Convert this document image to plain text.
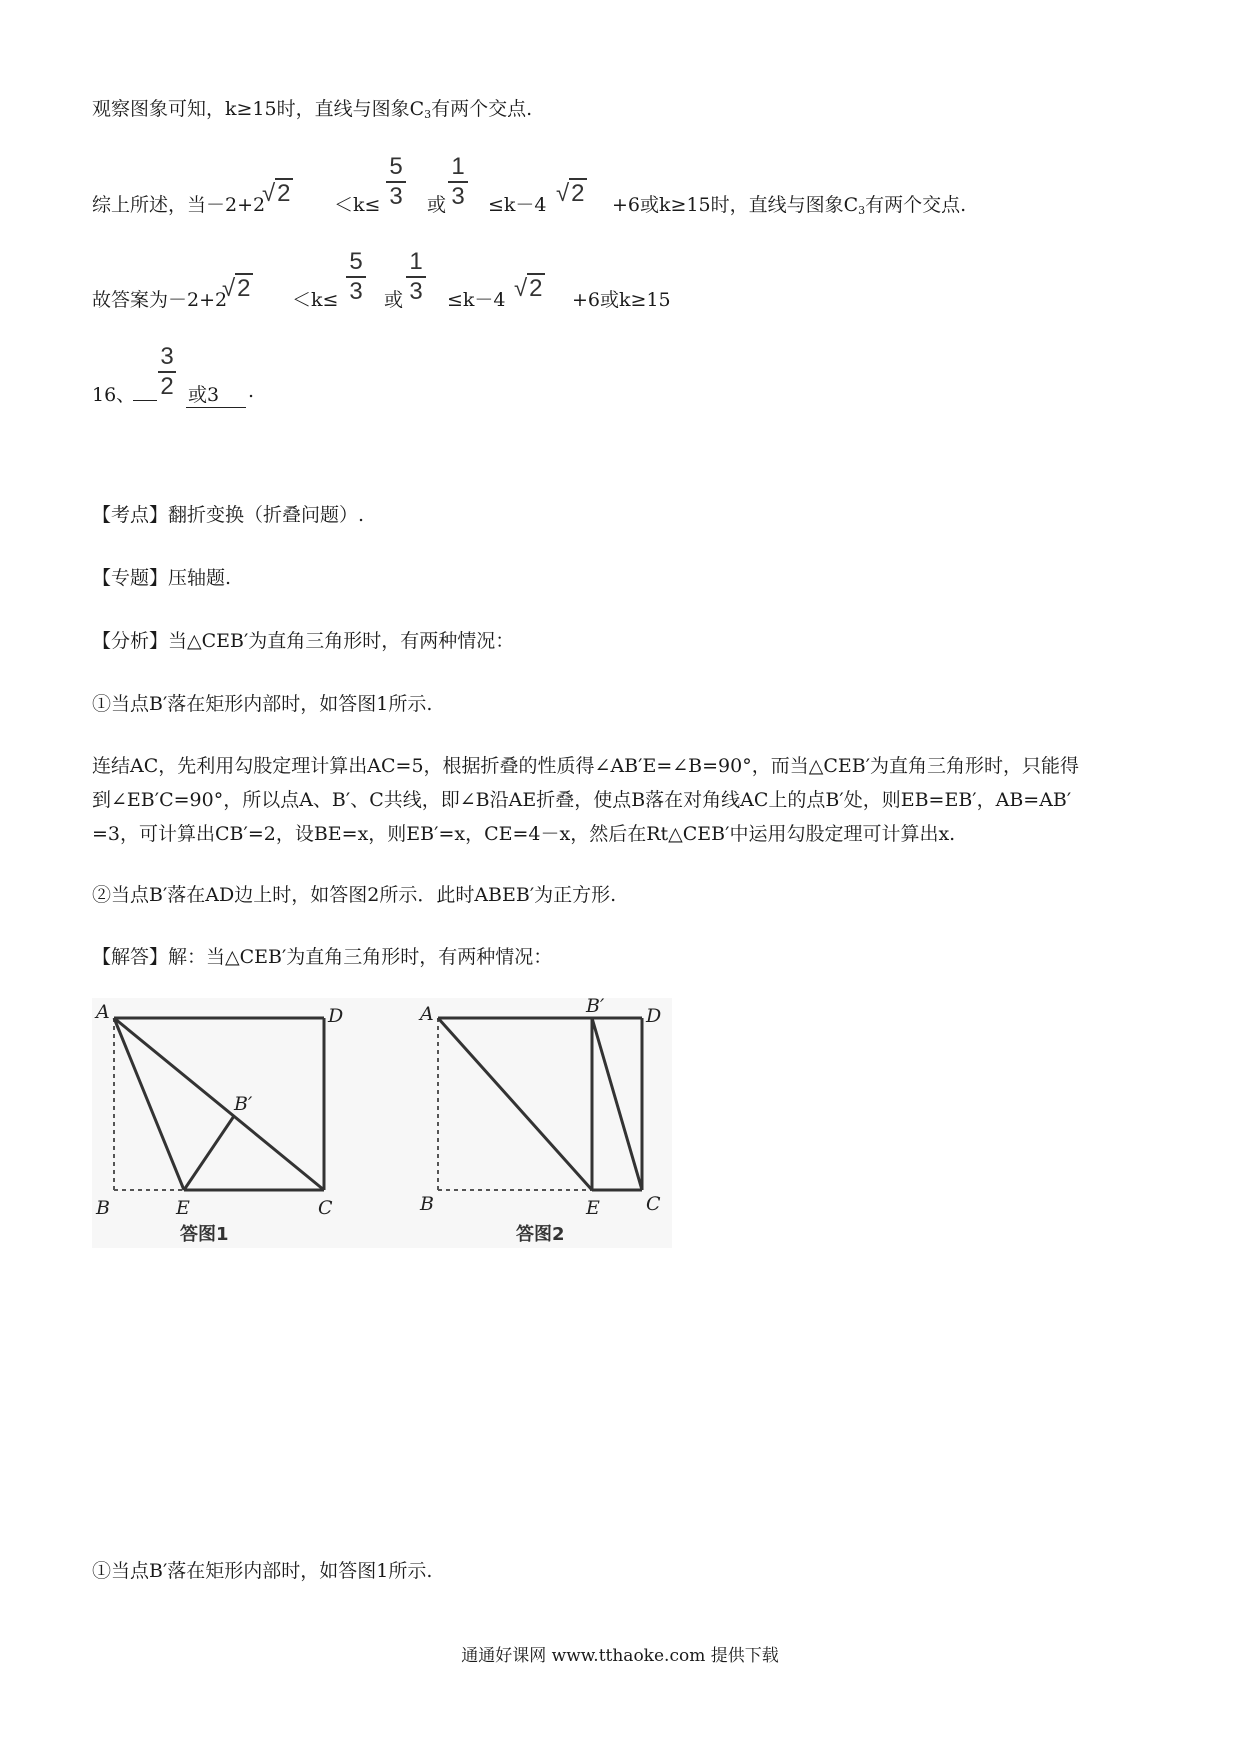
观察图象可知，k≥15时，直线与图象$C_3$有两个交点.
综上所述，当－2+2
√2 ＜k≤
5
3 或
1
3 ≤k－4 √2 +6或k≥15时，直线与图象$C_3$有两个交点.
故答案为－2+2
√2 ＜k≤
5
3 或
1
3 ≤k－4 √2 +6或k≥15
16、
3
2 或3	.
【考点】翻折变换（折叠问题）.
【专题】压轴题.
【分析】当△CEB′为直角三角形时，有两种情况：
①当点B′落在矩形内部时，如答图1所示.
连结AC，先利用勾股定理计算出AC=5，根据折叠的性质得∠AB′E=∠B=90°，而当△CEB′为直角三角形时，只能得
到∠EB′C=90°，所以点A、B′、C共线，即∠B沿AE折叠，使点B落在对角线AC上的点B′处，则EB=EB′，AB=AB′
=3，可计算出CB′=2，设BE=x，则EB′=x，CE=4－x，然后在Rt△CEB′中运用勾股定理可计算出x.
②当点B′落在AD边上时，如答图2所示．此时ABEB′为正方形.
【解答】解：当△CEB′为直角三角形时，有两种情况：
A	D
B	E	C
B′
答图1
A	D
B′
B	E C
答图2
①当点B′落在矩形内部时，如答图1所示.
通通好课网 www.tthaoke.com 提供下载
